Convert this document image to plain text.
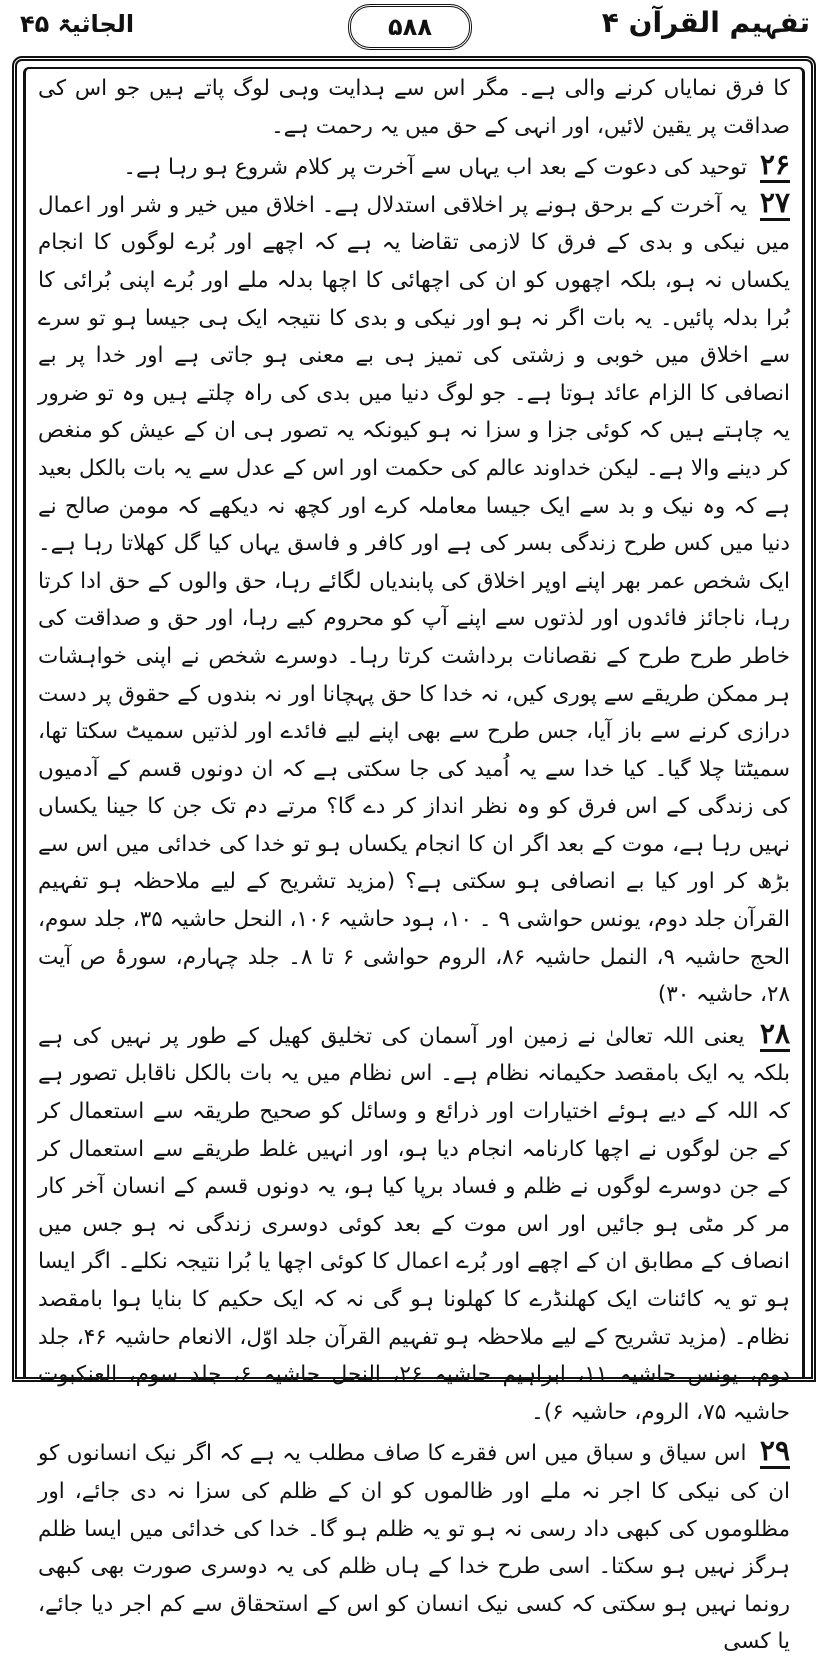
تفہیم القرآن ۴
۵۸۸
الجاثیۃ ۴۵

کا فرق نمایاں کرنے والی ہے۔ مگر اس سے ہدایت وہی لوگ پاتے ہیں جو اس کی صداقت پر یقین لائیں، اور انہی کے حق میں یہ رحمت ہے۔

۲۶ توحید کی دعوت کے بعد اب یہاں سے آخرت پر کلام شروع ہو رہا ہے۔

۲۷ یہ آخرت کے برحق ہونے پر اخلاقی استدلال ہے۔ اخلاق میں خیر و شر اور اعمال میں نیکی و بدی کے فرق کا لازمی تقاضا یہ ہے کہ اچھے اور بُرے لوگوں کا انجام یکساں نہ ہو، بلکہ اچھوں کو ان کی اچھائی کا اچھا بدلہ ملے اور بُرے اپنی بُرائی کا بُرا بدلہ پائیں۔ یہ بات اگر نہ ہو اور نیکی و بدی کا نتیجہ ایک ہی جیسا ہو تو سرے سے اخلاق میں خوبی و زشتی کی تمیز ہی بے معنی ہو جاتی ہے اور خدا پر بے انصافی کا الزام عائد ہوتا ہے۔ جو لوگ دنیا میں بدی کی راہ چلتے ہیں وہ تو ضرور یہ چاہتے ہیں کہ کوئی جزا و سزا نہ ہو کیونکہ یہ تصور ہی ان کے عیش کو منغص کر دینے والا ہے۔ لیکن خداوند عالم کی حکمت اور اس کے عدل سے یہ بات بالکل بعید ہے کہ وہ نیک و بد سے ایک جیسا معاملہ کرے اور کچھ نہ دیکھے کہ مومن صالح نے دنیا میں کس طرح زندگی بسر کی ہے اور کافر و فاسق یہاں کیا گل کھلاتا رہا ہے۔ ایک شخص عمر بھر اپنے اوپر اخلاق کی پابندیاں لگائے رہا، حق والوں کے حق ادا کرتا رہا، ناجائز فائدوں اور لذتوں سے اپنے آپ کو محروم کیے رہا، اور حق و صداقت کی خاطر طرح طرح کے نقصانات برداشت کرتا رہا۔ دوسرے شخص نے اپنی خواہشات ہر ممکن طریقے سے پوری کیں، نہ خدا کا حق پہچانا اور نہ بندوں کے حقوق پر دست درازی کرنے سے باز آیا، جس طرح سے بھی اپنے لیے فائدے اور لذتیں سمیٹ سکتا تھا، سمیٹتا چلا گیا۔ کیا خدا سے یہ اُمید کی جا سکتی ہے کہ ان دونوں قسم کے آدمیوں کی زندگی کے اس فرق کو وہ نظر انداز کر دے گا؟ مرتے دم تک جن کا جینا یکساں نہیں رہا ہے، موت کے بعد اگر ان کا انجام یکساں ہو تو خدا کی خدائی میں اس سے بڑھ کر اور کیا بے انصافی ہو سکتی ہے؟ (مزید تشریح کے لیے ملاحظہ ہو تفہیم القرآن جلد دوم، یونس حواشی ۹ ۔ ۱۰، ہود حاشیہ ۱۰۶، النحل حاشیہ ۳۵، جلد سوم، الحج حاشیہ ۹، النمل حاشیہ ۸۶، الروم حواشی ۶ تا ۸۔ جلد چہارم، سورۂ ص آیت ۲۸، حاشیہ ۳۰)

۲۸ یعنی اللہ تعالیٰ نے زمین اور آسمان کی تخلیق کھیل کے طور پر نہیں کی ہے بلکہ یہ ایک بامقصد حکیمانہ نظام ہے۔ اس نظام میں یہ بات بالکل ناقابل تصور ہے کہ اللہ کے دیے ہوئے اختیارات اور ذرائع و وسائل کو صحیح طریقہ سے استعمال کر کے جن لوگوں نے اچھا کارنامہ انجام دیا ہو، اور انہیں غلط طریقے سے استعمال کر کے جن دوسرے لوگوں نے ظلم و فساد برپا کیا ہو، یہ دونوں قسم کے انسان آخر کار مر کر مٹی ہو جائیں اور اس موت کے بعد کوئی دوسری زندگی نہ ہو جس میں انصاف کے مطابق ان کے اچھے اور بُرے اعمال کا کوئی اچھا یا بُرا نتیجہ نکلے۔ اگر ایسا ہو تو یہ کائنات ایک کھلنڈرے کا کھلونا ہو گی نہ کہ ایک حکیم کا بنایا ہوا بامقصد نظام۔ (مزید تشریح کے لیے ملاحظہ ہو تفہیم القرآن جلد اوّل، الانعام حاشیہ ۴۶، جلد دوم، یونس حاشیہ ۱۱، ابراہیم حاشیہ ۲۶، النحل حاشیہ ۶، جلد سوم، العنکبوت حاشیہ ۷۵، الروم، حاشیہ ۶)۔

۲۹ اس سیاق و سباق میں اس فقرے کا صاف مطلب یہ ہے کہ اگر نیک انسانوں کو ان کی نیکی کا اجر نہ ملے اور ظالموں کو ان کے ظلم کی سزا نہ دی جائے، اور مظلوموں کی کبھی داد رسی نہ ہو تو یہ ظلم ہو گا۔ خدا کی خدائی میں ایسا ظلم ہرگز نہیں ہو سکتا۔ اسی طرح خدا کے ہاں ظلم کی یہ دوسری صورت بھی کبھی رونما نہیں ہو سکتی کہ کسی نیک انسان کو اس کے استحقاق سے کم اجر دیا جائے، یا کسی
